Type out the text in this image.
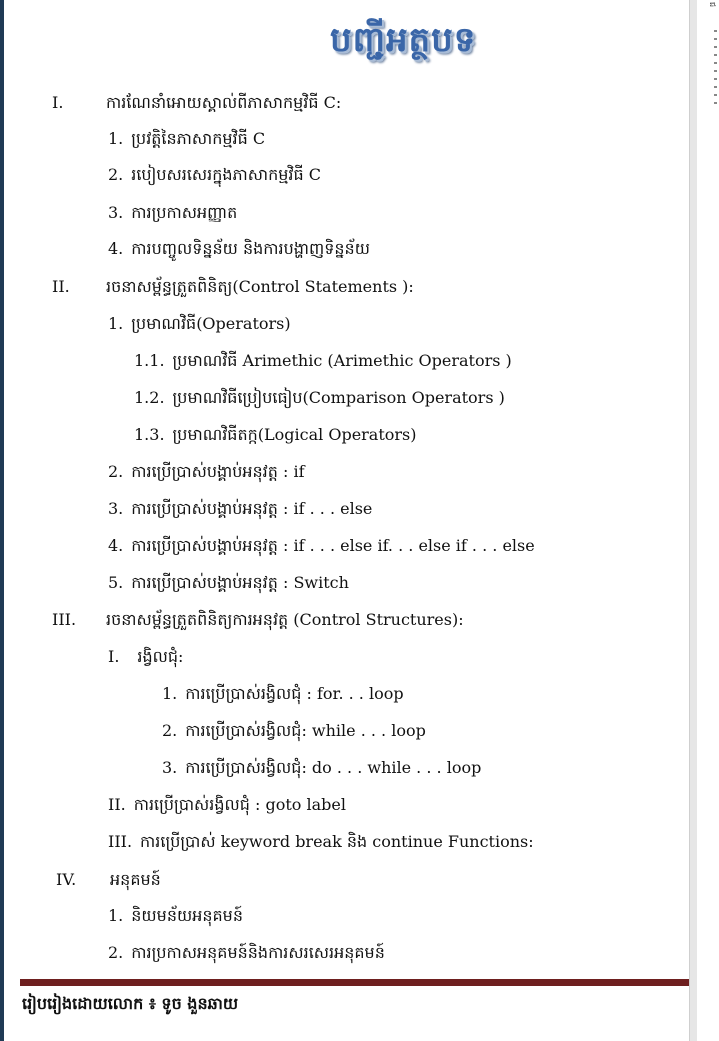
ជ
បញ្ជីអត្ថបទ
I.	ការណែនាំអោយស្គាល់ពីភាសាកម្មវិធី C:
1. ប្រវត្តិនៃភាសាកម្មវិធី C
2. របៀបសរសេរក្នុងភាសាកម្មវិធី C
3. ការប្រកាសអញ្ញាត
4. ការបញ្ចូលទិន្នន័យ និងការបង្ហាញទិន្នន័យ
II. រចនាសម្ព័ន្ធត្រួតពិនិត្យ(Control Statements ):
1. ប្រមាណវិធី(Operators)
1.1. ប្រមាណវិធី Arimethic (Arimethic Operators )
1.2. ប្រមាណវិធីប្រៀបធៀប(Comparison Operators )
1.3. ប្រមាណវិធីតក្ក(Logical Operators)
2. ការប្រើប្រាស់បង្គាប់អនុវត្ត : if
3. ការប្រើប្រាស់បង្គាប់អនុវត្ត : if . . . else
4. ការប្រើប្រាស់បង្គាប់អនុវត្ត : if . . . else if. . . else if . . . else
5. ការប្រើប្រាស់បង្គាប់អនុវត្ត : Switch
III. រចនាសម្ព័ន្ធត្រួតពិនិត្យការអនុវត្ត (Control Structures):
I. រង្វិលជុំ:
1. ការប្រើប្រាស់រង្វិលជុំ : for. . . loop
2. ការប្រើប្រាស់រង្វិលជុំ: while . . . loop
3. ការប្រើប្រាស់រង្វិលជុំ: do . . . while . . . loop
II. ការប្រើប្រាស់រង្វិលជុំ : goto label
III. ការប្រើប្រាស់ keyword break និង continue Functions:
IV. អនុគមន៍
1. និយមន័យអនុគមន៍
2. ការប្រកាសអនុគមន៍និងការសរសេរអនុគមន៍
រៀបរៀងដោយលោក ៖ ទូច ងួនឆាយ
